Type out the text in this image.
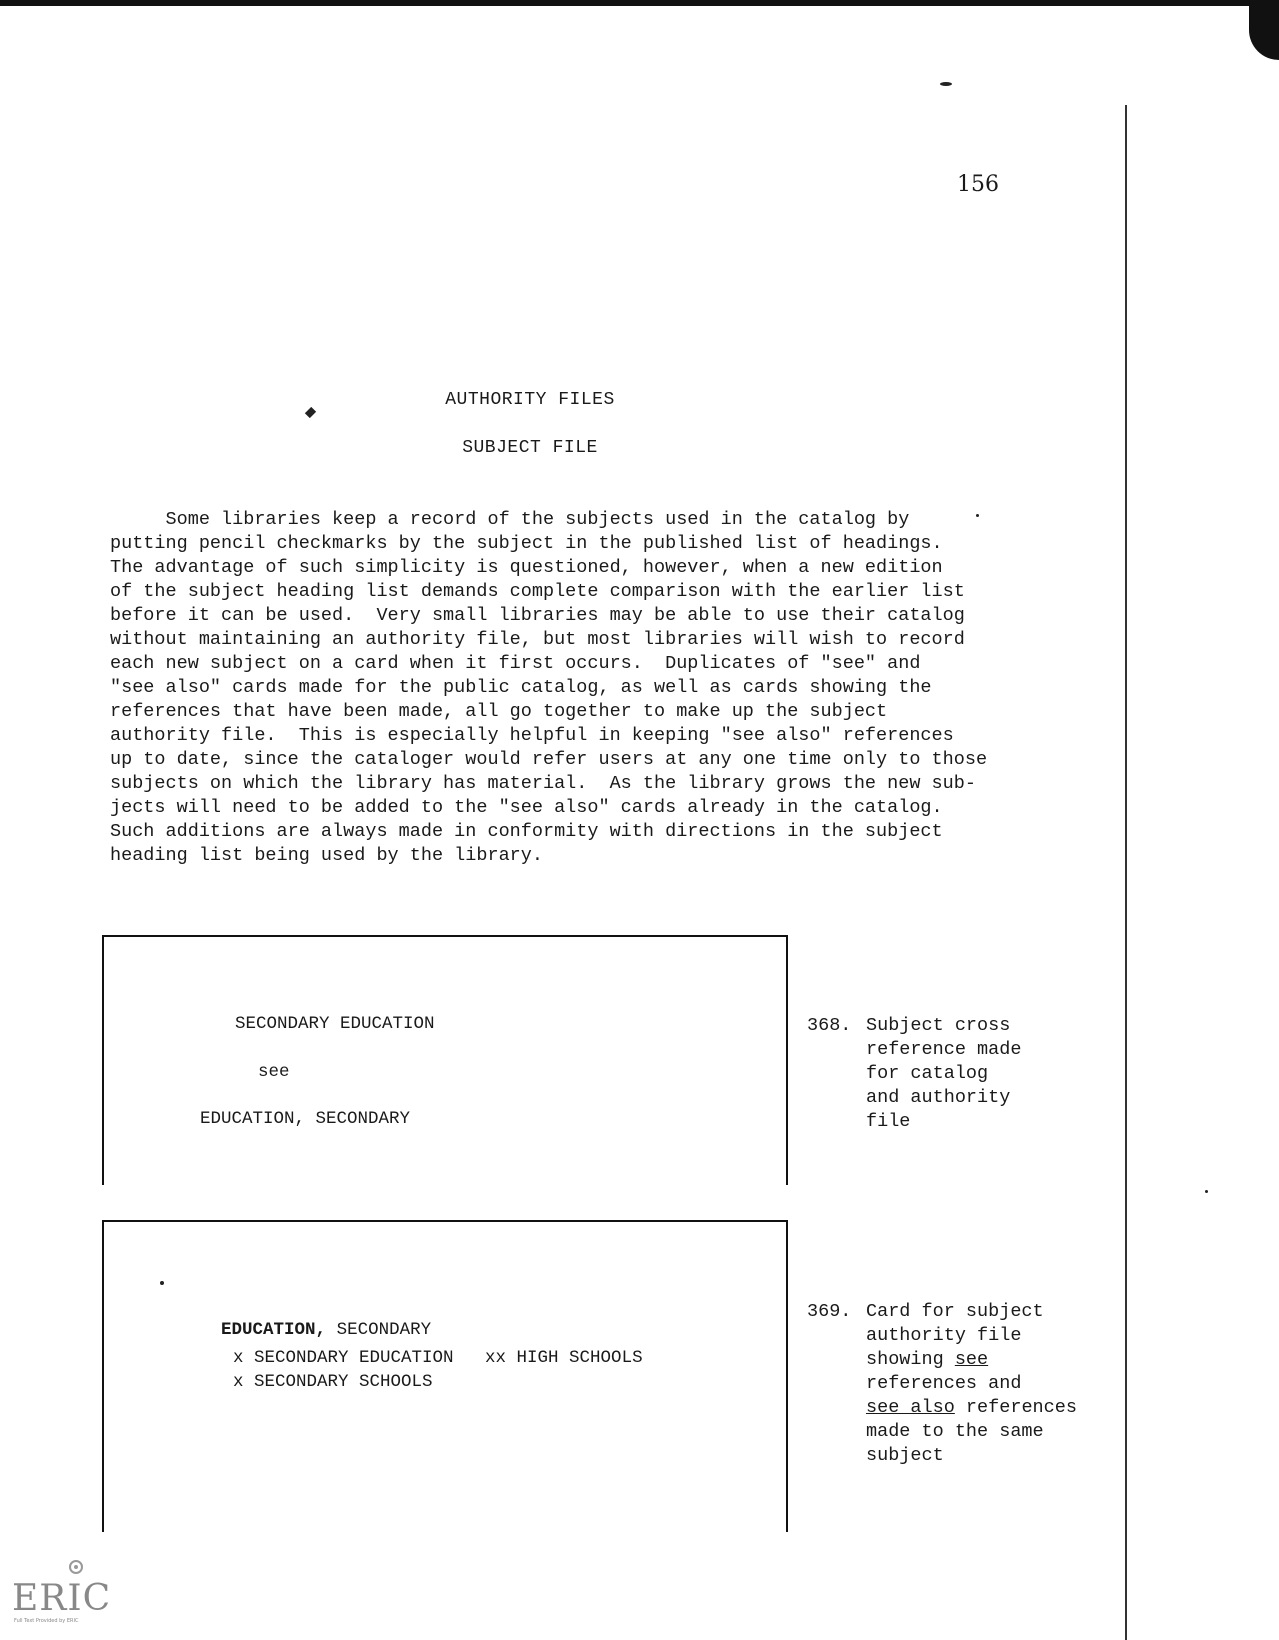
156
AUTHORITY FILES
SUBJECT FILE
Some libraries keep a record of the subjects used in the catalog by
putting pencil checkmarks by the subject in the published list of headings.
The advantage of such simplicity is questioned, however, when a new edition
of the subject heading list demands complete comparison with the earlier list
before it can be used.  Very small libraries may be able to use their catalog
without maintaining an authority file, but most libraries will wish to record
each new subject on a card when it first occurs.  Duplicates of "see" and
"see also" cards made for the public catalog, as well as cards showing the
references that have been made, all go together to make up the subject
authority file.  This is especially helpful in keeping "see also" references
up to date, since the cataloger would refer users at any one time only to those
subjects on which the library has material.  As the library grows the new sub-
jects will need to be added to the "see also" cards already in the catalog.
Such additions are always made in conformity with directions in the subject
heading list being used by the library.
SECONDARY EDUCATION
see
EDUCATION, SECONDARY
368. Subject cross
reference made
for catalog
and authority
file

EDUCATION, SECONDARY

x SECONDARY EDUCATION   xx HIGH SCHOOLS
x SECONDARY SCHOOLS
369. Card for subject
authority file
showing see
references and
see also references
made to the same
subject
ERIC
Full Text Provided by ERIC
